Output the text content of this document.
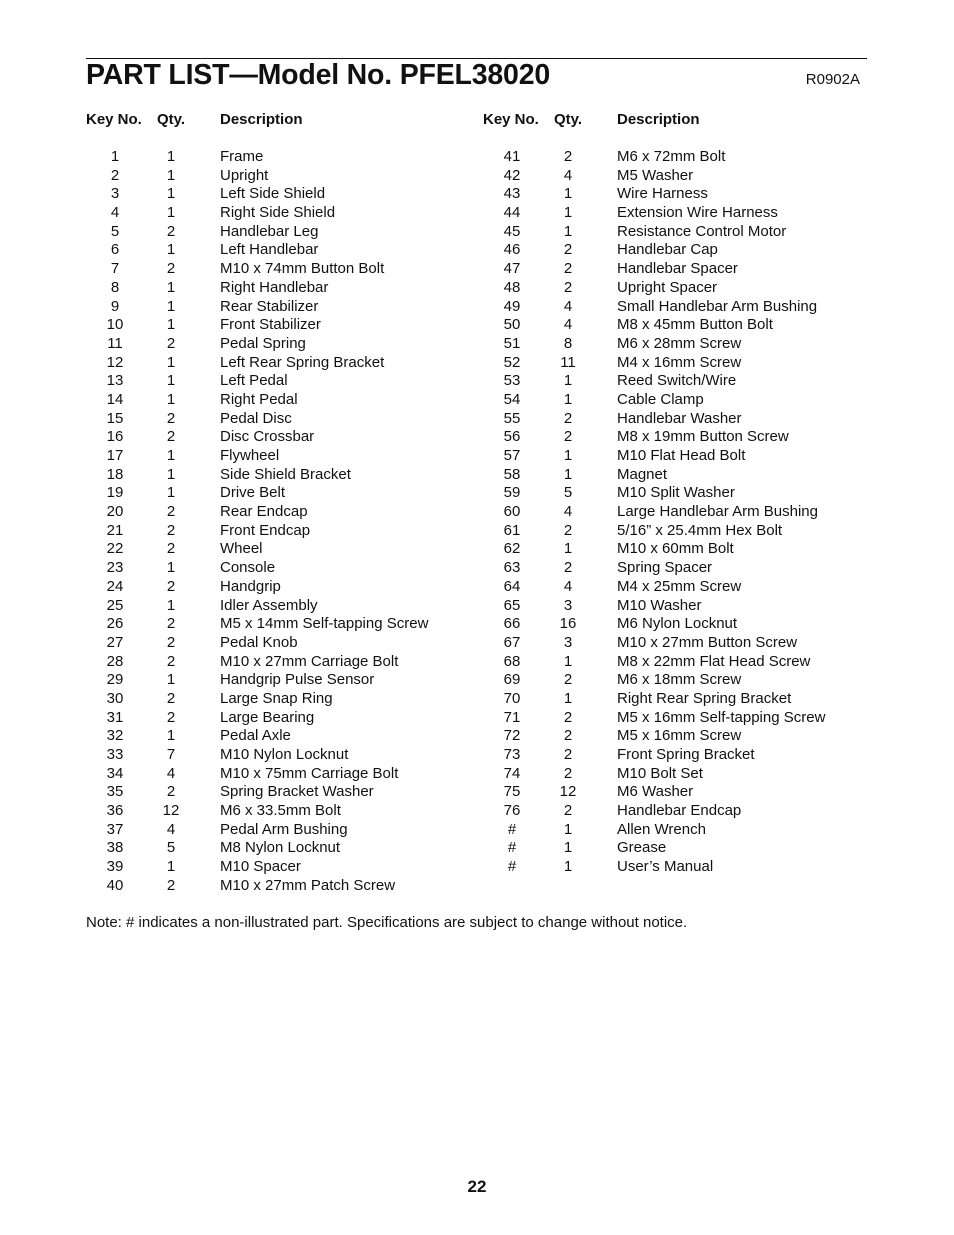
PART LIST—Model No. PFEL38020	R0902A
Key No. Qty. Description
1	1	Frame
2	1	Upright
3	1	Left Side Shield
4	1	Right Side Shield
5	2	Handlebar Leg
6	1	Left Handlebar
7	2	M10 x 74mm Button Bolt
8	1	Right Handlebar
9	1	Rear Stabilizer
10	1	Front Stabilizer
11	2	Pedal Spring
12	1	Left Rear Spring Bracket
13	1	Left Pedal
14	1	Right Pedal
15	2	Pedal Disc
16	2	Disc Crossbar
17	1	Flywheel
18	1	Side Shield Bracket
19	1	Drive Belt
20	2	Rear Endcap
21	2	Front Endcap
22	2	Wheel
23	1	Console
24	2	Handgrip
25	1	Idler Assembly
26	2	M5 x 14mm Self-tapping Screw
27	2	Pedal Knob
28	2	M10 x 27mm Carriage Bolt
29	1	Handgrip Pulse Sensor
30	2	Large Snap Ring
31	2	Large Bearing
32	1	Pedal Axle
33	7	M10 Nylon Locknut
34	4	M10 x 75mm Carriage Bolt
35	2	Spring Bracket Washer
36	12	M6 x 33.5mm Bolt
37	4	Pedal Arm Bushing
38	5	M8 Nylon Locknut
39	1	M10 Spacer
40	2	M10 x 27mm Patch Screw
Key No. Qty. Description
41	2	M6 x 72mm Bolt
42	4	M5 Washer
43	1	Wire Harness
44	1	Extension Wire Harness
45	1	Resistance Control Motor
46	2	Handlebar Cap
47	2	Handlebar Spacer
48	2	Upright Spacer
49	4	Small Handlebar Arm Bushing
50	4	M8 x 45mm Button Bolt
51	8	M6 x 28mm Screw
52	11	M4 x 16mm Screw
53	1	Reed Switch/Wire
54	1	Cable Clamp
55	2	Handlebar Washer
56	2	M8 x 19mm Button Screw
57	1	M10 Flat Head Bolt
58	1	Magnet
59	5	M10 Split Washer
60	4	Large Handlebar Arm Bushing
61	2	5/16” x 25.4mm Hex Bolt
62	1	M10 x 60mm Bolt
63	2	Spring Spacer
64	4	M4 x 25mm Screw
65	3	M10 Washer
66	16	M6 Nylon Locknut
67	3	M10 x 27mm Button Screw
68	1	M8 x 22mm Flat Head Screw
69	2	M6 x 18mm Screw
70	1	Right Rear Spring Bracket
71	2	M5 x 16mm Self-tapping Screw
72	2	M5 x 16mm Screw
73	2	Front Spring Bracket
74	2	M10 Bolt Set
75	12	M6 Washer
76	2	Handlebar Endcap
#	1	Allen Wrench
#	1	Grease
#	1	User’s Manual
Note: # indicates a non-illustrated part. Specifications are subject to change without notice.
22
